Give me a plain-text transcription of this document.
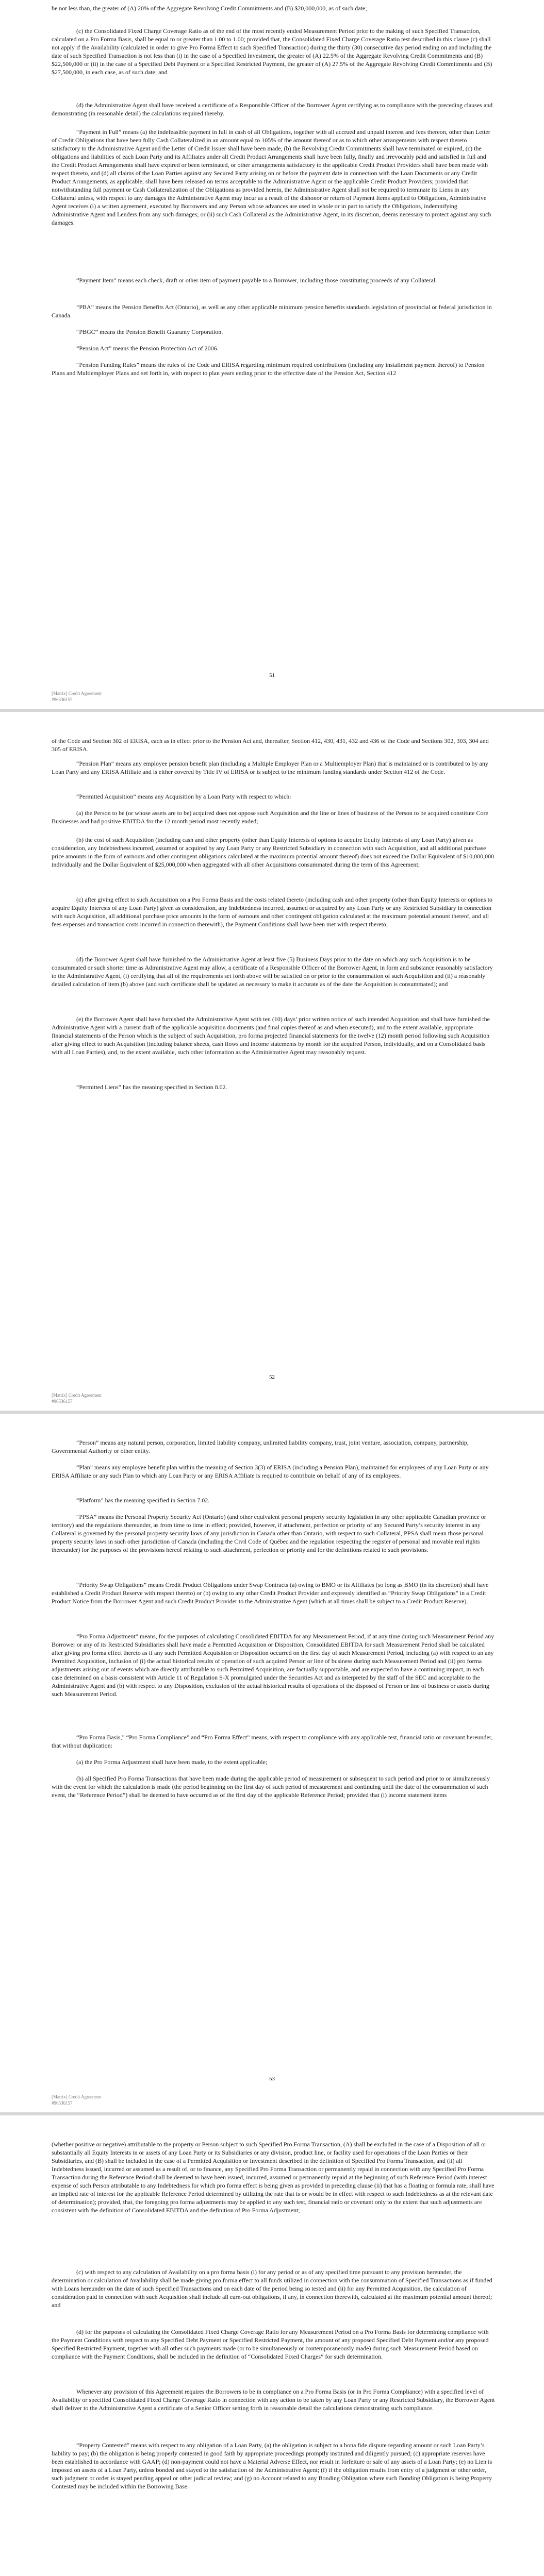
be not less than, the greater of (A) 20% of the Aggregate Revolving Credit Commitments and (B) $20,000,000, as of such date;

(c) the Consolidated Fixed Charge Coverage Ratio as of the end of the most recently ended Measurement Period prior to the making of such Specified Transaction, calculated on a Pro Forma Basis, shall be equal to or greater than 1.00 to 1.00; provided that, the Consolidated Fixed Charge Coverage Ratio test described in this clause (c) shall not apply if the Availability (calculated in order to give Pro Forma Effect to such Specified Transaction) during the thirty (30) consecutive day period ending on and including the date of such Specified Transaction is not less than (i) in the case of a Specified Investment, the greater of (A) 22.5% of the Aggregate Revolving Credit Commitments and (B) $22,500,000 or (ii) in the case of a Specified Debt Payment or a Specified Restricted Payment, the greater of (A) 27.5% of the Aggregate Revolving Credit Commitments and (B) $27,500,000, in each case, as of such date; and

(d) the Administrative Agent shall have received a certificate of a Responsible Officer of the Borrower Agent certifying as to compliance with the preceding clauses and demonstrating (in reasonable detail) the calculations required thereby.

“Payment in Full” means (a) the indefeasible payment in full in cash of all Obligations, together with all accrued and unpaid interest and fees thereon, other than Letter of Credit Obligations that have been fully Cash Collateralized in an amount equal to 105% of the amount thereof or as to which other arrangements with respect thereto satisfactory to the Administrative Agent and the Letter of Credit Issuer shall have been made, (b) the Revolving Credit Commitments shall have terminated or expired, (c) the obligations and liabilities of each Loan Party and its Affiliates under all Credit Product Arrangements shall have been fully, finally and irrevocably paid and satisfied in full and the Credit Product Arrangements shall have expired or been terminated, or other arrangements satisfactory to the applicable Credit Product Providers shall have been made with respect thereto, and (d) all claims of the Loan Parties against any Secured Party arising on or before the payment date in connection with the Loan Documents or any Credit Product Arrangements, as applicable, shall have been released on terms acceptable to the Administrative Agent or the applicable Credit Product Providers; provided that notwithstanding full payment or Cash Collateralization of the Obligations as provided herein, the Administrative Agent shall not be required to terminate its Liens in any Collateral unless, with respect to any damages the Administrative Agent may incur as a result of the dishonor or return of Payment Items applied to Obligations, Administrative Agent receives (i) a written agreement, executed by Borrowers and any Person whose advances are used in whole or in part to satisfy the Obligations, indemnifying Administrative Agent and Lenders from any such damages; or (ii) such Cash Collateral as the Administrative Agent, in its discretion, deems necessary to protect against any such damages.

“Payment Item” means each check, draft or other item of payment payable to a Borrower, including those constituting proceeds of any Collateral.

“PBA” means the Pension Benefits Act (Ontario), as well as any other applicable minimum pension benefits standards legislation of provincial or federal jurisdiction in Canada.

“PBGC” means the Pension Benefit Guaranty Corporation.

“Pension Act” means the Pension Protection Act of 2006.

“Pension Funding Rules” means the rules of the Code and ERISA regarding minimum required contributions (including any installment payment thereof) to Pension Plans and Multiemployer Plans and set forth in, with respect to plan years ending prior to the effective date of the Pension Act, Section 412

51
[Matrix] Credit Agreement
#96536157

of the Code and Section 302 of ERISA, each as in effect prior to the Pension Act and, thereafter, Section 412, 430, 431, 432 and 436 of the Code and Sections 302, 303, 304 and 305 of ERISA.

“Pension Plan” means any employee pension benefit plan (including a Multiple Employer Plan or a Multiemployer Plan) that is maintained or is contributed to by any Loan Party and any ERISA Affiliate and is either covered by Title IV of ERISA or is subject to the minimum funding standards under Section 412 of the Code.

“Permitted Acquisition” means any Acquisition by a Loan Party with respect to which:

(a) the Person to be (or whose assets are to be) acquired does not oppose such Acquisition and the line or lines of business of the Person to be acquired constitute Core Businesses and had positive EBITDA for the 12 month period most recently ended;

(b) the cost of such Acquisition (including cash and other property (other than Equity Interests of options to acquire Equity Interests of any Loan Party) given as consideration, any Indebtedness incurred, assumed or acquired by any Loan Party or any Restricted Subsidiary in connection with such Acquisition, and all additional purchase price amounts in the form of earnouts and other contingent obligations calculated at the maximum potential amount thereof) does not exceed the Dollar Equivalent of $10,000,000 individually and the Dollar Equivalent of $25,000,000 when aggregated with all other Acquisitions consummated during the term of this Agreement;

(c) after giving effect to such Acquisition on a Pro Forma Basis and the costs related thereto (including cash and other property (other than Equity Interests or options to acquire Equity Interests of any Loan Party) given as consideration, any Indebtedness incurred, assumed or acquired by any Loan Party or any Restricted Subsidiary in connection with such Acquisition, all additional purchase price amounts in the form of earnouts and other contingent obligation calculated at the maximum potential amount thereof, and all fees expenses and transaction costs incurred in connection therewith), the Payment Conditions shall have been met with respect thereto;

(d) the Borrower Agent shall have furnished to the Administrative Agent at least five (5) Business Days prior to the date on which any such Acquisition is to be consummated or such shorter time as Administrative Agent may allow, a certificate of a Responsible Officer of the Borrower Agent, in form and substance reasonably satisfactory to the Administrative Agent, (i) certifying that all of the requirements set forth above will be satisfied on or prior to the consummation of such Acquisition and (ii) a reasonably detailed calculation of item (b) above (and such certificate shall be updated as necessary to make it accurate as of the date the Acquisition is consummated); and

(e) the Borrower Agent shall have furnished the Administrative Agent with ten (10) days’ prior written notice of such intended Acquisition and shall have furnished the Administrative Agent with a current draft of the applicable acquisition documents (and final copies thereof as and when executed), and to the extent available, appropriate financial statements of the Person which is the subject of such Acquisition, pro forma projected financial statements for the twelve (12) month period following such Acquisition after giving effect to such Acquisition (including balance sheets, cash flows and income statements by month for the acquired Person, individually, and on a Consolidated basis with all Loan Parties), and, to the extent available, such other information as the Administrative Agent may reasonably request.

“Permitted Liens” has the meaning specified in Section 8.02.

52
[Matrix] Credit Agreement
#96536157

“Person” means any natural person, corporation, limited liability company, unlimited liability company, trust, joint venture, association, company, partnership, Governmental Authority or other entity.

“Plan” means any employee benefit plan within the meaning of Section 3(3) of ERISA (including a Pension Plan), maintained for employees of any Loan Party or any ERISA Affiliate or any such Plan to which any Loan Party or any ERISA Affiliate is required to contribute on behalf of any of its employees.

“Platform” has the meaning specified in Section 7.02.

“PPSA” means the Personal Property Security Act (Ontario) (and other equivalent personal property security legislation in any other applicable Canadian province or territory) and the regulations thereunder, as from time to time in effect; provided, however, if attachment, perfection or priority of any Secured Party’s security interest in any Collateral is governed by the personal property security laws of any jurisdiction in Canada other than Ontario, with respect to such Collateral, PPSA shall mean those personal property security laws in such other jurisdiction of Canada (including the Civil Code of Québec and the regulation respecting the register of personal and movable real rights thereunder) for the purposes of the provisions hereof relating to such attachment, perfection or priority and for the definitions related to such provisions.

“Priority Swap Obligations” means Credit Product Obligations under Swap Contracts (a) owing to BMO or its Affiliates (so long as BMO (in its discretion) shall have established a Credit Product Reserve with respect thereto) or (b) owing to any other Credit Product Provider and expressly identified as “Priority Swap Obligations” in a Credit Product Notice from the Borrower Agent and such Credit Product Provider to the Administrative Agent (which at all times shall be subject to a Credit Product Reserve).

“Pro Forma Adjustment” means, for the purposes of calculating Consolidated EBITDA for any Measurement Period, if at any time during such Measurement Period any Borrower or any of its Restricted Subsidiaries shall have made a Permitted Acquisition or Disposition, Consolidated EBITDA for such Measurement Period shall be calculated after giving pro forma effect thereto as if any such Permitted Acquisition or Disposition occurred on the first day of such Measurement Period, including (a) with respect to an any Permitted Acquisition, inclusion of (i) the actual historical results of operation of such acquired Person or line of business during such Measurement Period and (ii) pro forma adjustments arising out of events which are directly attributable to such Permitted Acquisition, are factually supportable, and are expected to have a continuing impact, in each case determined on a basis consistent with Article 11 of Regulation S-X promulgated under the Securities Act and as interpreted by the staff of the SEC and acceptable to the Administrative Agent and (b) with respect to any Disposition, exclusion of the actual historical results of operations of the disposed of Person or line of business or assets during such Measurement Period.

“Pro Forma Basis,” “Pro Forma Compliance” and “Pro Forma Effect” means, with respect to compliance with any applicable test, financial ratio or covenant hereunder, that without duplication:

(a) the Pro Forma Adjustment shall have been made, to the extent applicable;

(b) all Specified Pro Forma Transactions that have been made during the applicable period of measurement or subsequent to such period and prior to or simultaneously with the event for which the calculation is made (the period beginning on the first day of such period of measurement and continuing until the date of the consummation of such event, the “Reference Period”) shall be deemed to have occurred as of the first day of the applicable Reference Period; provided that (i) income statement items

53
[Matrix] Credit Agreement
#96536157

(whether positive or negative) attributable to the property or Person subject to such Specified Pro Forma Transaction, (A) shall be excluded in the case of a Disposition of all or substantially all Equity Interests in or assets of any Loan Party or its Subsidiaries or any division, product line, or facility used for operations of the Loan Parties or their Subsidiaries, and (B) shall be included in the case of a Permitted Acquisition or Investment described in the definition of Specified Pro Forma Transaction, and (ii) all Indebtedness issued, incurred or assumed as a result of, or to finance, any Specified Pro Forma Transaction or permanently repaid in connection with any Specified Pro Forma Transaction during the Reference Period shall be deemed to have been issued, incurred, assumed or permanently repaid at the beginning of such Reference Period (with interest expense of such Person attributable to any Indebtedness for which pro forma effect is being given as provided in preceding clause (ii) that has a floating or formula rate, shall have an implied rate of interest for the applicable Reference Period determined by utilizing the rate that is or would be in effect with respect to such Indebtedness as at the relevant date of determination); provided, that, the foregoing pro forma adjustments may be applied to any such test, financial ratio or covenant only to the extent that such adjustments are consistent with the definition of Consolidated EBITDA and the definition of Pro Forma Adjustment;

(c) with respect to any calculation of Availability on a pro forma basis (i) for any period or as of any specified time pursuant to any provision hereunder, the determination or calculation of Availability shall be made giving pro forma effect to all funds utilized in connection with the consummation of Specified Transactions as if funded with Loans hereunder on the date of such Specified Transactions and on each date of the period being so tested and (ii) for any Permitted Acquisition, the calculation of consideration paid in connection with such Acquisition shall include all earn-out obligations, if any, in connection therewith, calculated at the maximum potential amount thereof; and

(d) for the purposes of calculating the Consolidated Fixed Charge Coverage Ratio for any Measurement Period on a Pro Forma Basis for determining compliance with the Payment Conditions with respect to any Specified Debt Payment or Specified Restricted Payment, the amount of any proposed Specified Debt Payment and/or any proposed Specified Restricted Payment, together with all other such payments made (or to be simultaneously or contemporaneously made) during such Measurement Period based on compliance with the Payment Conditions, shall be included in the definition of “Consolidated Fixed Charges” for such determination.

Whenever any provision of this Agreement requires the Borrowers to be in compliance on a Pro Forma Basis (or in Pro Forma Compliance) with a specified level of Availability or specified Consolidated Fixed Charge Coverage Ratio in connection with any action to be taken by any Loan Party or any Restricted Subsidiary, the Borrower Agent shall deliver to the Administrative Agent a certificate of a Senior Officer setting forth in reasonable detail the calculations demonstrating such compliance.

“Property Contested” means with respect to any obligation of a Loan Party, (a) the obligation is subject to a bona fide dispute regarding amount or such Loan Party’s liability to pay; (b) the obligation is being properly contested in good faith by appropriate proceedings promptly instituted and diligently pursued; (c) appropriate reserves have been established in accordance with GAAP; (d) non-payment could not have a Material Adverse Effect, nor result in forfeiture or sale of any assets of a Loan Party; (e) no Lien is imposed on assets of a Loan Party, unless bonded and stayed to the satisfaction of the Administrative Agent; (f) if the obligation results from entry of a judgment or other order, such judgment or order is stayed pending appeal or other judicial review; and (g) no Account related to any Bonding Obligation where such Bonding Obligation is being Property Contested may be included within the Borrowing Base.
